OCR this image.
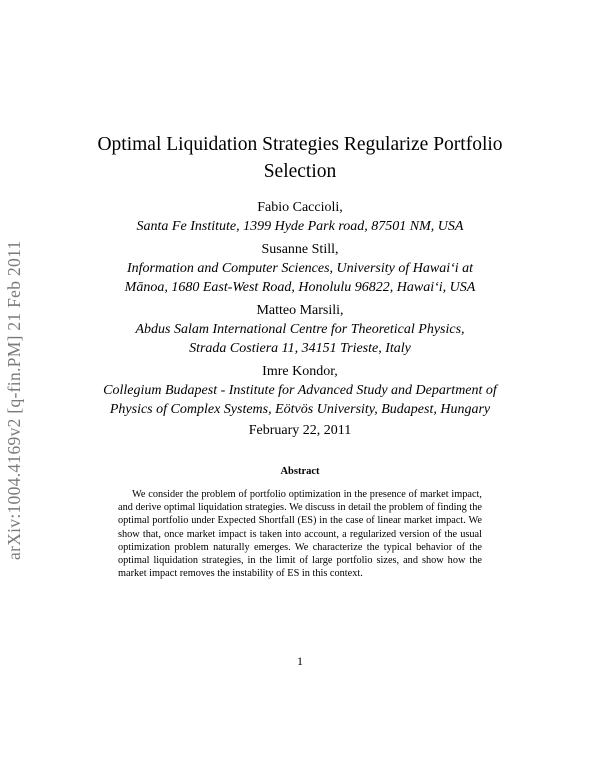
arXiv:1004.4169v2 [q-fin.PM] 21 Feb 2011
Optimal Liquidation Strategies Regularize Portfolio
Selection
Fabio Caccioli,
Santa Fe Institute, 1399 Hyde Park road, 87501 NM, USA
Susanne Still,
Information and Computer Sciences, University of Hawai‘i at
Mānoa, 1680 East-West Road, Honolulu 96822, Hawai‘i, USA
Matteo Marsili,
Abdus Salam International Centre for Theoretical Physics,
Strada Costiera 11, 34151 Trieste, Italy
Imre Kondor,
Collegium Budapest - Institute for Advanced Study and Department of
Physics of Complex Systems, Eötvös University, Budapest, Hungary
February 22, 2011
Abstract
We consider the problem of portfolio optimization in the presence of market impact, and derive optimal liquidation strategies. We discuss in detail the problem of finding the optimal portfolio under Expected Shortfall (ES) in the case of linear market impact. We show that, once market impact is taken into account, a regularized version of the usual optimization problem naturally emerges. We characterize the typical behavior of the optimal liquidation strategies, in the limit of large portfolio sizes, and show how the market impact removes the instability of ES in this context.
1
